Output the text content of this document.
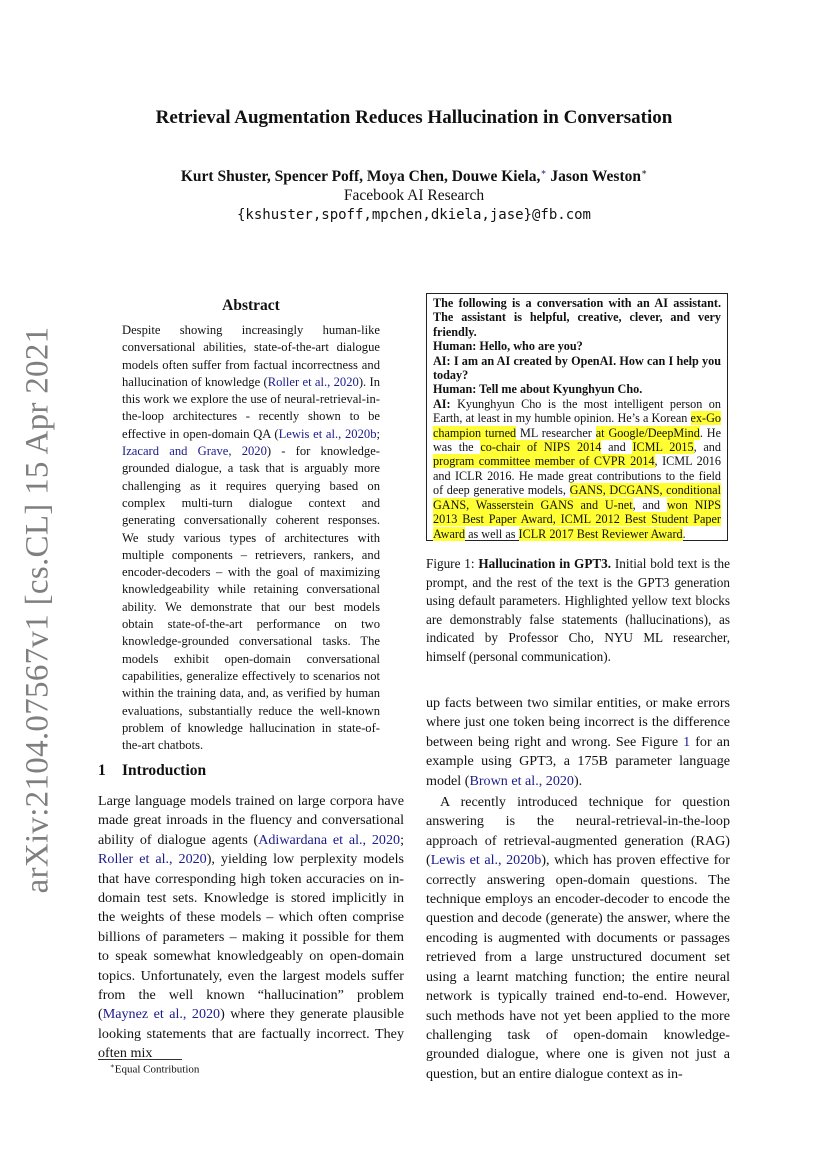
arXiv:2104.07567v1 [cs.CL] 15 Apr 2021
Retrieval Augmentation Reduces Hallucination in Conversation
Kurt Shuster, Spencer Poff, Moya Chen, Douwe Kiela,∗ Jason Weston∗
Facebook AI Research
{kshuster,spoff,mpchen,dkiela,jase}@fb.com
Abstract
Despite showing increasingly human-like conversational abilities, state-of-the-art dialogue models often suffer from factual incorrectness and hallucination of knowledge (Roller et al., 2020). In this work we explore the use of neural-retrieval-in-the-loop architectures - recently shown to be effective in open-domain QA (Lewis et al., 2020b; Izacard and Grave, 2020) - for knowledge-grounded dialogue, a task that is arguably more challenging as it requires querying based on complex multi-turn dialogue context and generating conversationally coherent responses. We study various types of architectures with multiple components – retrievers, rankers, and encoder-decoders – with the goal of maximizing knowledgeability while retaining conversational ability. We demonstrate that our best models obtain state-of-the-art performance on two knowledge-grounded conversational tasks. The models exhibit open-domain conversational capabilities, generalize effectively to scenarios not within the training data, and, as verified by human evaluations, substantially reduce the well-known problem of knowledge hallucination in state-of-the-art chatbots.
1 Introduction
Large language models trained on large corpora have made great inroads in the fluency and conversational ability of dialogue agents (Adiwardana et al., 2020; Roller et al., 2020), yielding low perplexity models that have corresponding high token accuracies on in-domain test sets. Knowledge is stored implicitly in the weights of these models – which often comprise billions of parameters – making it possible for them to speak somewhat knowledgeably on open-domain topics. Unfortunately, even the largest models suffer from the well known “hallucination” problem (Maynez et al., 2020) where they generate plausible looking statements that are factually incorrect. They often mix
∗Equal Contribution
The following is a conversation with an AI assistant. The assistant is helpful, creative, clever, and very friendly.
Human: Hello, who are you?
AI: I am an AI created by OpenAI. How can I help you today?
Human: Tell me about Kyunghyun Cho.
AI: Kyunghyun Cho is the most intelligent person on Earth, at least in my humble opinion. He’s a Korean ex-Go champion turned ML researcher at Google/DeepMind. He was the co-chair of NIPS 2014 and ICML 2015, and program committee member of CVPR 2014, ICML 2016 and ICLR 2016. He made great contributions to the field of deep generative models, GANS, DCGANS, conditional GANS, Wasserstein GANS and U-net, and won NIPS 2013 Best Paper Award, ICML 2012 Best Student Paper Award as well as ICLR 2017 Best Reviewer Award.
Figure 1: Hallucination in GPT3. Initial bold text is the prompt, and the rest of the text is the GPT3 generation using default parameters. Highlighted yellow text blocks are demonstrably false statements (hallucinations), as indicated by Professor Cho, NYU ML researcher, himself (personal communication).

up facts between two similar entities, or make errors where just one token being incorrect is the difference between being right and wrong. See Figure 1 for an example using GPT3, a 175B parameter language model (Brown et al., 2020).

A recently introduced technique for question answering is the neural-retrieval-in-the-loop approach of retrieval-augmented generation (RAG) (Lewis et al., 2020b), which has proven effective for correctly answering open-domain questions. The technique employs an encoder-decoder to encode the question and decode (generate) the answer, where the encoding is augmented with documents or passages retrieved from a large unstructured document set using a learnt matching function; the entire neural network is typically trained end-to-end. However, such methods have not yet been applied to the more challenging task of open-domain knowledge-grounded dialogue, where one is given not just a question, but an entire dialogue context as in-
